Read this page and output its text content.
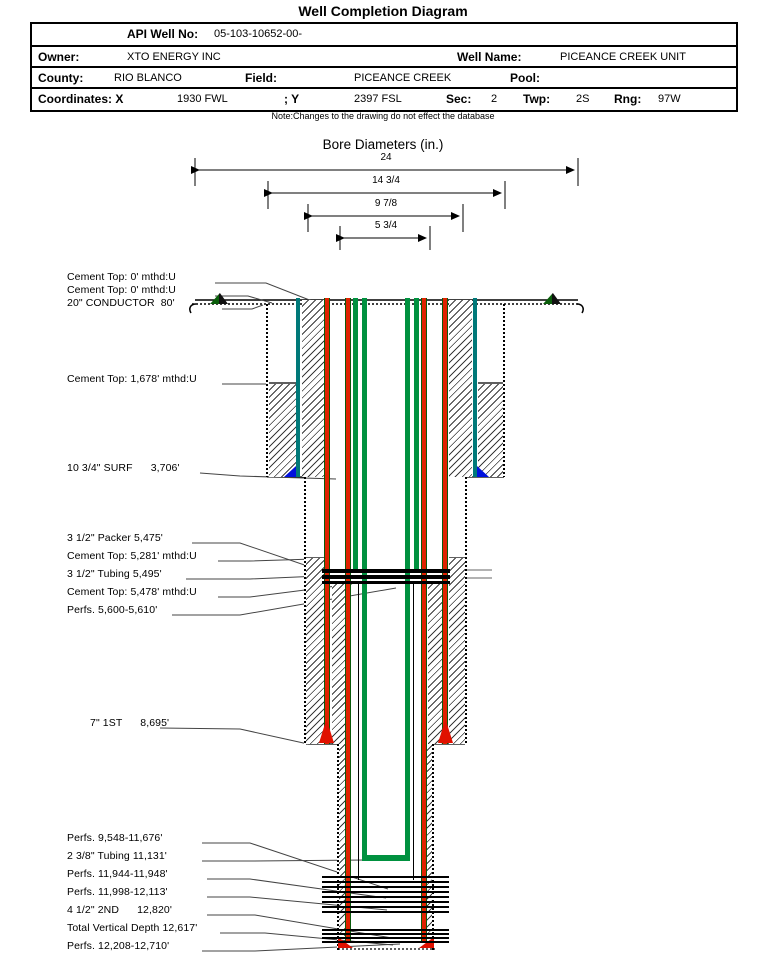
Well Completion Diagram
API Well No: 05-103-10652-00-
Owner:	XTO ENERGY INC	Well Name:	PICEANCE CREEK UNIT
County:	RIO BLANCO	Field:	PICEANCE CREEK	Pool:
Coordinates: X	1930 FWL	; Y	2397 FSL	Sec: 2 Twp: 2S Rng: 97W
Note:Changes to the drawing do not effect the database
Bore Diameters (in.)
24
14 3/4
9 7/8
5 3/4
Cement Top: 0' mthd:U
Cement Top: 0' mthd:U
20" CONDUCTOR  80'
Cement Top: 1,678' mthd:U
10 3/4" SURF      3,706'
3 1/2" Packer 5,475'
Cement Top: 5,281' mthd:U
3 1/2" Tubing 5,495'
Cement Top: 5,478' mthd:U
Perfs. 5,600-5,610'
7" 1ST      8,695'
Perfs. 9,548-11,676'
2 3/8" Tubing 11,131'
Perfs. 11,944-11,948'
Perfs. 11,998-12,113'
4 1/2" 2ND      12,820'
Total Vertical Depth 12,617'
Perfs. 12,208-12,710'
